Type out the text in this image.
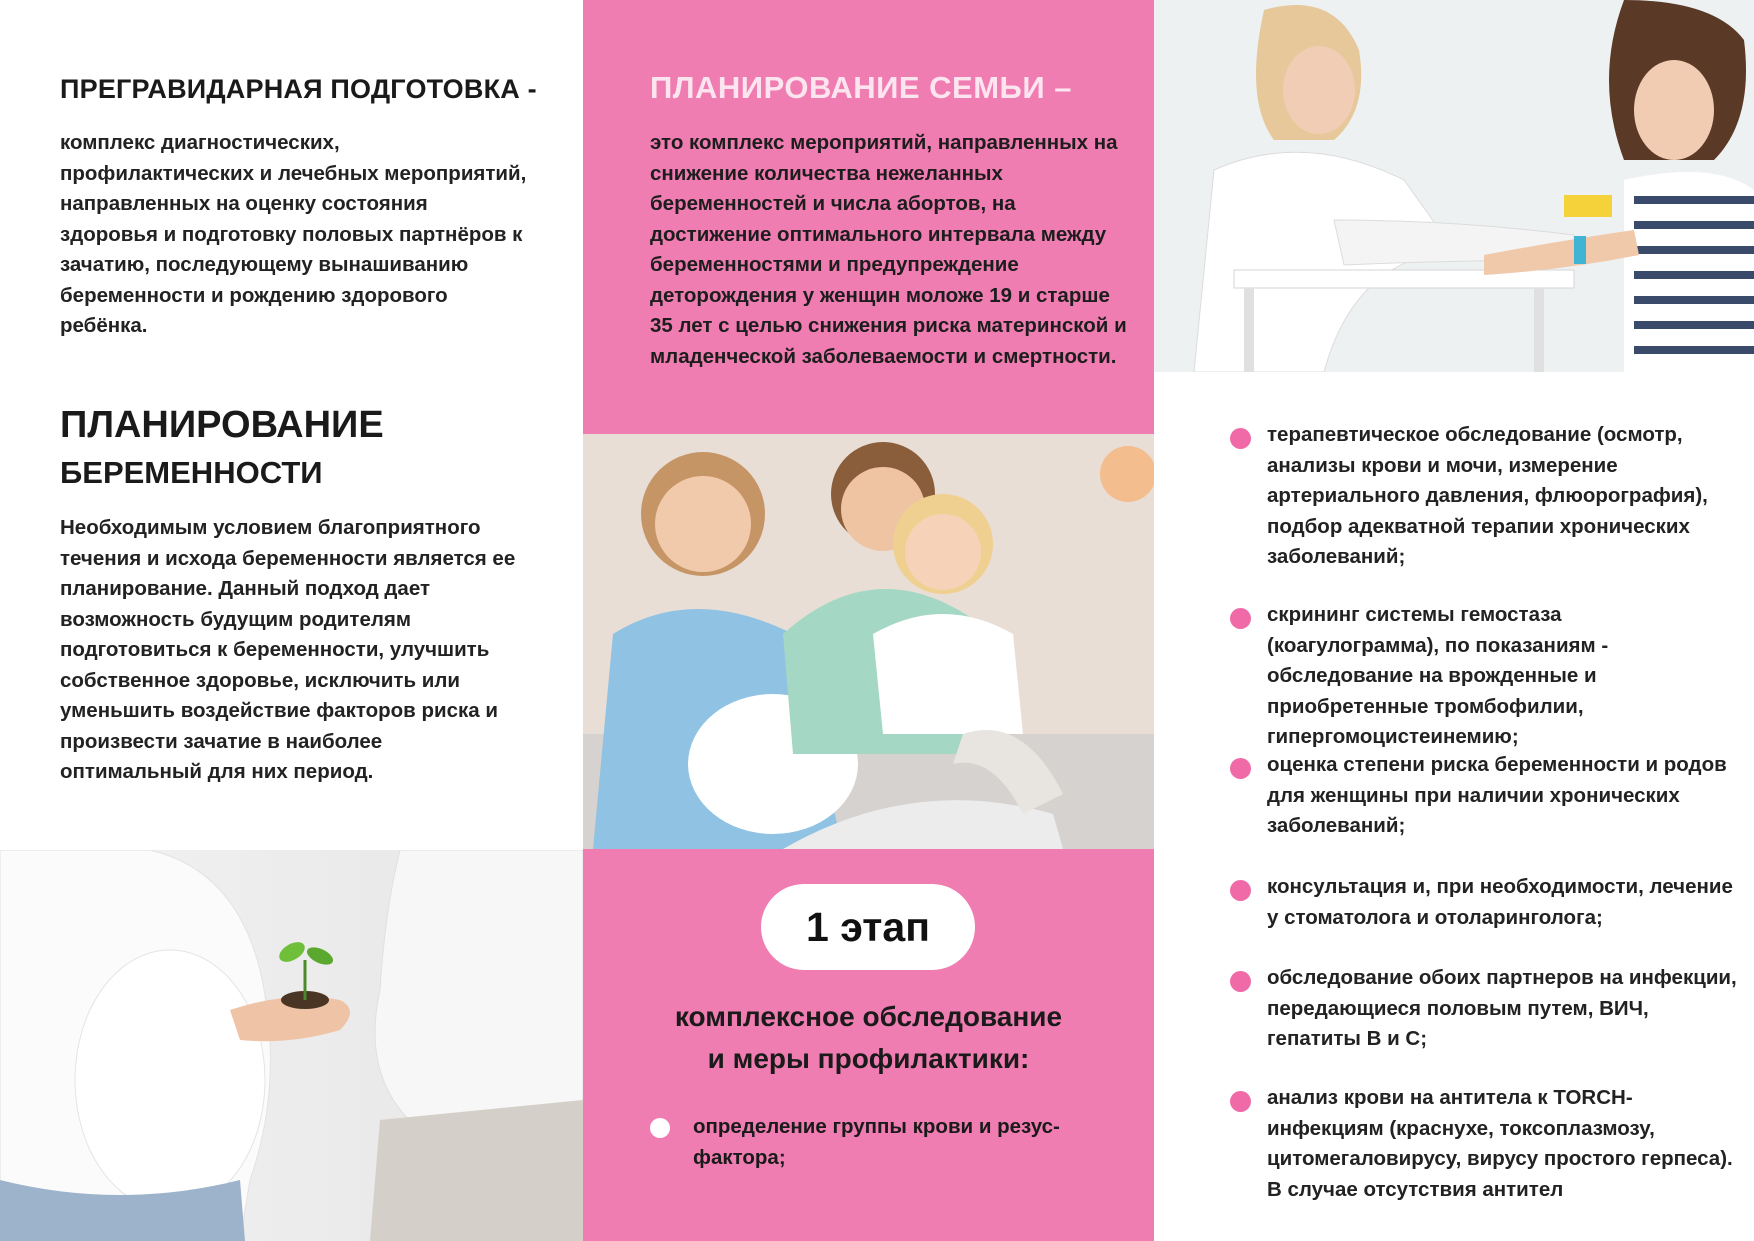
ПРЕГРАВИДАРНАЯ ПОДГОТОВКА -
комплекс диагностических, профилактических и лечебных мероприятий, направленных на оценку состояния здоровья и подготовку половых партнёров к зачатию, последующему вынашиванию беременности и рождению здорового ребёнка.
ПЛАНИРОВАНИЕ
БЕРЕМЕННОСТИ
Необходимым условием благоприятного течения и исхода беременности является ее планирование. Данный подход дает возможность будущим родителям подготовиться к беременности, улучшить собственное здоровье, исключить или уменьшить воздействие факторов риска и произвести зачатие в наиболее оптимальный для них период.
ПЛАНИРОВАНИЕ СЕМЬИ –
это комплекс мероприятий, направленных на снижение количества нежеланных беременностей и числа абортов, на достижение оптимального интервала между беременностями и предупреждение деторождения у женщин моложе 19 и старше 35 лет с целью снижения риска материнской и младенческой заболеваемости и смертности.
1 этап
комплексное обследование
и меры профилактики:
определение группы крови и резус-фактора;
терапевтическое обследование (осмотр, анализы крови и мочи, измерение артериального давления, флюорография), подбор адекватной терапии хронических заболеваний;
скрининг системы гемостаза (коагулограмма), по показаниям - обследование на врожденные и приобретенные тромбофилии, гипергомоцистеинемию;
оценка степени риска беременности и родов для женщины при наличии хронических заболеваний;
консультация и, при необходимости, лечение у стоматолога и отоларинголога;
обследование обоих партнеров на инфекции, передающиеся половым путем, ВИЧ, гепатиты В и С;
анализ крови на антитела к TORCH-инфекциям (краснухе, токсоплазмозу, цитомегаловирусу, вирусу простого герпеса). В случае отсутствия антител
